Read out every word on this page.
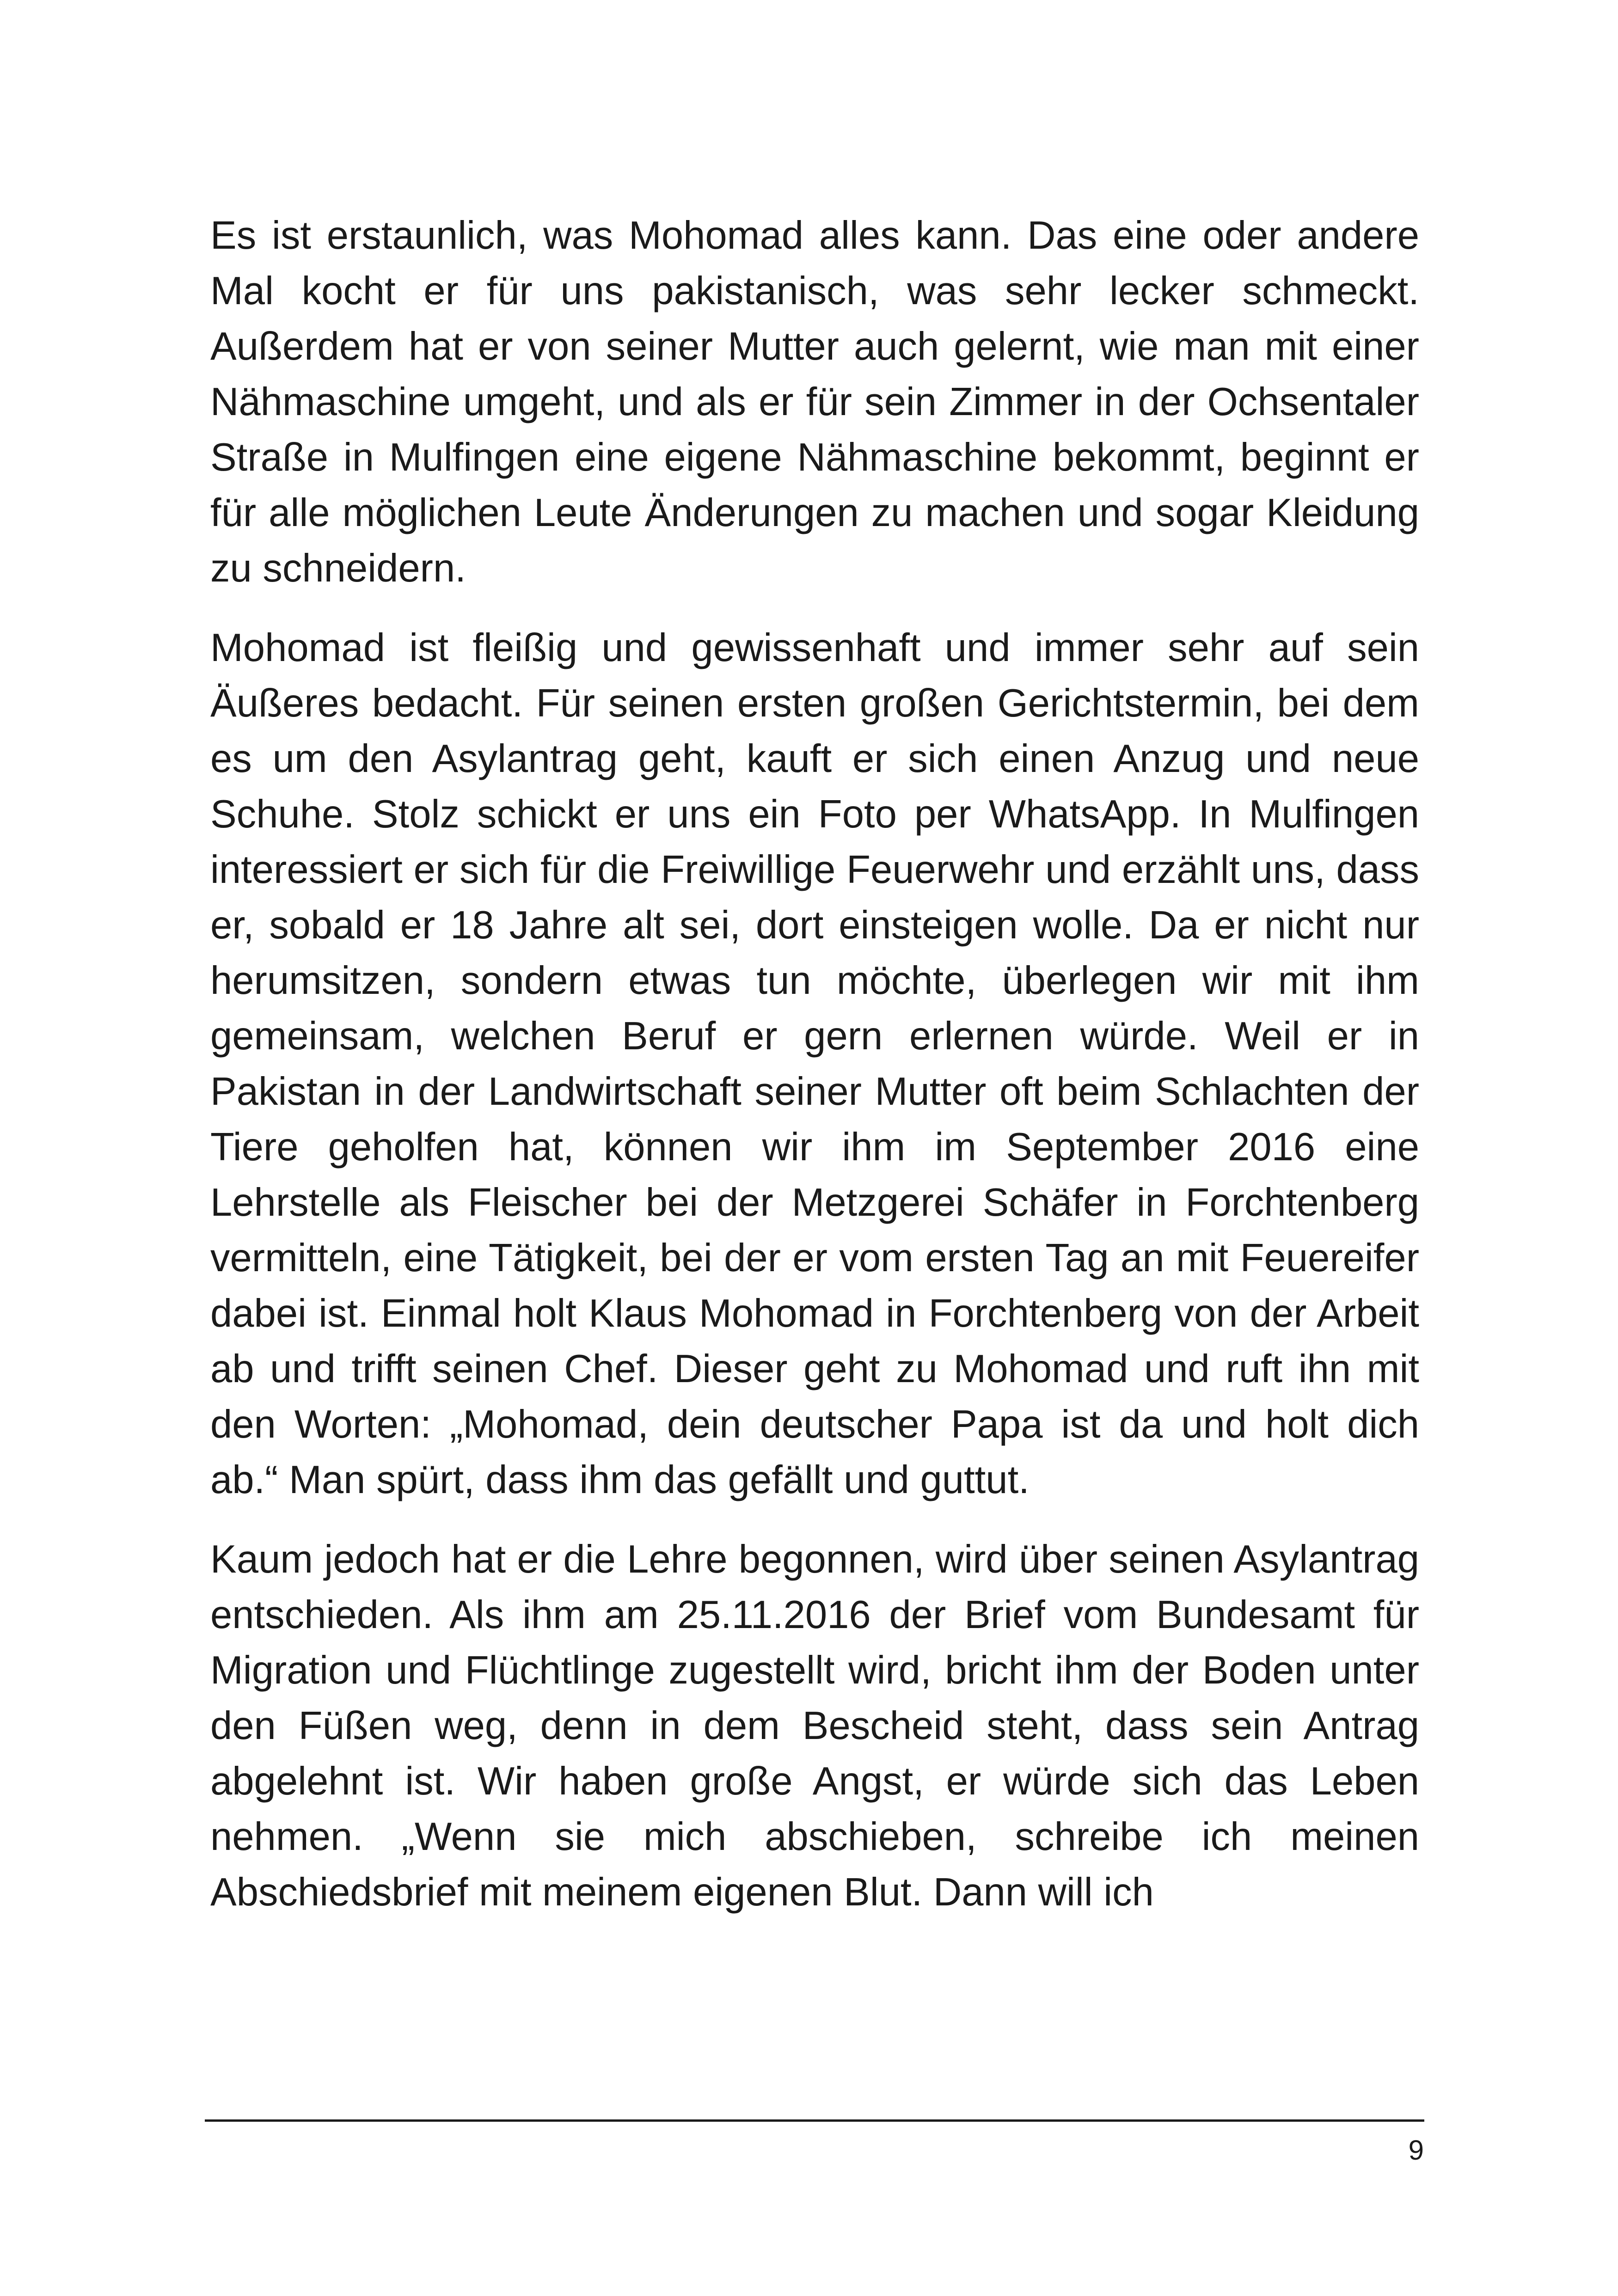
Es ist erstaunlich, was Mohomad alles kann. Das eine oder andere Mal kocht er für uns pakistanisch, was sehr lecker schmeckt. Außerdem hat er von seiner Mutter auch gelernt, wie man mit einer Nähmaschine umgeht, und als er für sein Zimmer in der Ochsentaler Straße in Mulfingen eine eigene Nähmaschine bekommt, beginnt er für alle möglichen Leute Änderungen zu machen und sogar Kleidung zu schneidern.

Mohomad ist fleißig und gewissenhaft und immer sehr auf sein Äußeres bedacht. Für seinen ersten großen Gerichtstermin, bei dem es um den Asylantrag geht, kauft er sich einen Anzug und neue Schuhe. Stolz schickt er uns ein Foto per WhatsApp. In Mulfingen interessiert er sich für die Freiwillige Feuerwehr und erzählt uns, dass er, sobald er 18 Jahre alt sei, dort einsteigen wolle. Da er nicht nur herumsitzen, sondern etwas tun möchte, überlegen wir mit ihm gemeinsam, welchen Beruf er gern erlernen würde. Weil er in Pakistan in der Landwirtschaft seiner Mutter oft beim Schlachten der Tiere geholfen hat, können wir ihm im September 2016 eine Lehrstelle als Fleischer bei der Metzgerei Schäfer in Forchtenberg vermitteln, eine Tätigkeit, bei der er vom ersten Tag an mit Feuereifer dabei ist. Einmal holt Klaus Mohomad in Forchtenberg von der Arbeit ab und trifft seinen Chef. Dieser geht zu Mohomad und ruft ihn mit den Worten: „Mohomad, dein deutscher Papa ist da und holt dich ab.“ Man spürt, dass ihm das gefällt und guttut.

Kaum jedoch hat er die Lehre begonnen, wird über seinen Asylantrag entschieden. Als ihm am 25.11.2016 der Brief vom Bundesamt für Migration und Flüchtlinge zugestellt wird, bricht ihm der Boden unter den Füßen weg, denn in dem Bescheid steht, dass sein Antrag abgelehnt ist. Wir haben große Angst, er würde sich das Leben nehmen. „Wenn sie mich abschieben, schreibe ich meinen Abschiedsbrief mit meinem eigenen Blut. Dann will ich

9
